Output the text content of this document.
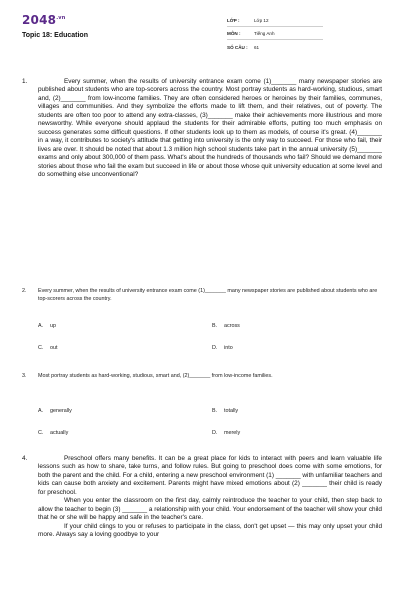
$2048^{.vn}$
Topic 18: Education
LỚP :	Lớp 12
MÔN :	Tiếng Anh
SỐ CÂU : 61
1.	Every summer, when the results of university entrance exam come (1)_______ many newspaper stories are published about students who are top-scorers across the country. Most portray students as hard-working, studious, smart and, (2)_______ from low-income families. They are often considered heroes or heroines by their families, communes, villages and communities. And they symbolize the efforts made to lift them, and their relatives, out of poverty. The students are often too poor to attend any extra-classes, (3)_______ make their achievements more illustrious and more newsworthy. While everyone should applaud the students for their admirable efforts, putting too much emphasis on success generates some difficult questions. If other students look up to them as models, of course it's great. (4)_______ in a way, it contributes to society's attitude that getting into university is the only way to succeed. For those who fail, their lives are over. It should be noted that about 1.3 million high school students take part in the annual university (5)_______ exams and only about 300,000 of them pass. What's about the hundreds of thousands who fail? Should we demand more stories about those who fail the exam but succeed in life or about those whose quit university education at some level and do something else unconventional?

2. Every summer, when the results of university entrance exam come (1)_______ many newspaper stories are published about students who are top-scorers across the country.
A. up	B. across
C. out	D. into
3. Most portray students as hard-working, studious, smart and, (2)_______ from low-income families.
A. generally	B. totally
C. actually	D. merely
4.	Preschool offers many benefits. It can be a great place for kids to interact with peers and learn valuable life lessons such as how to share, take turns, and follow rules. But going to preschool does come with some emotions, for both the parent and the child. For a child, entering a new preschool environment (1) _______ with unfamiliar teachers and kids can cause both anxiety and excitement. Parents might have mixed emotions about (2) _______ their child is ready for preschool.

When you enter the classroom on the first day, calmly reintroduce the teacher to your child, then step back to allow the teacher to begin (3) _______ a relationship with your child. Your endorsement of the teacher will show your child that he or she will be happy and safe in the teacher's care.

If your child clings to you or refuses to participate in the class, don't get upset — this may only upset your child more. Always say a loving goodbye to your
